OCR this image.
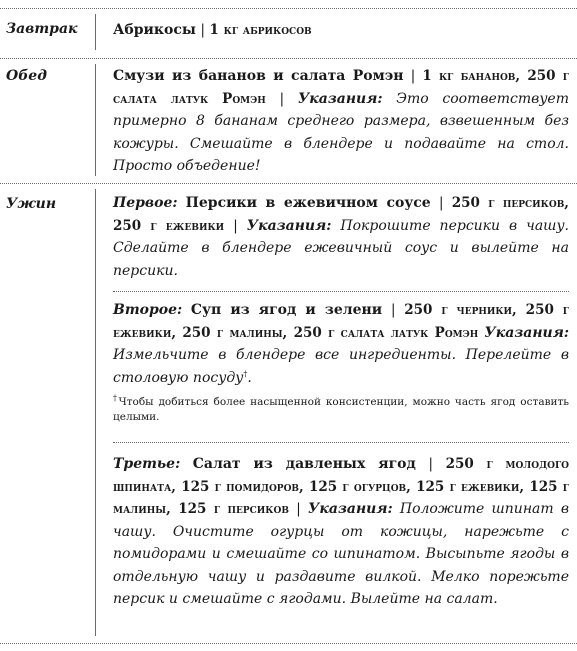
Завтрак	Абрикосы | 1 кг абрикосов
Обед	Смузи из бананов и салата Ромэн | 1 кг бананов, 250 г салата латук Ромэн | Указания: Это соответствует примерно 8 бананам среднего размера, взвешенным без кожуры. Смешайте в блендере и подавайте на стол. Просто объедение!
Ужин	Первое: Персики в ежевичном соусе | 250 г персиков, 250 г ежевики | Указания: Покрошите персики в чашу. Сделайте в блендере ежевичный соус и вылейте на персики.
Второе: Суп из ягод и зелени | 250 г черники, 250 г ежевики, 250 г малины, 250 г салата латук Ромэн Указания: Измельчите в блендере все ингредиенты. Перелейте в столовую посуду†.
†Чтобы добиться более насыщенной консистенции, можно часть ягод оставить целыми.
Третье: Салат из давленых ягод | 250 г молодого шпината, 125 г помидоров, 125 г огурцов, 125 г ежевики, 125 г малины, 125 г персиков | Указания: Положите шпинат в чашу. Очистите огурцы от кожицы, нарежьте с помидорами и смешайте со шпинатом. Высыпьте ягоды в отдельную чашу и раздавите вилкой. Мелко порежьте персик и смешайте с ягодами. Вылейте на салат.
